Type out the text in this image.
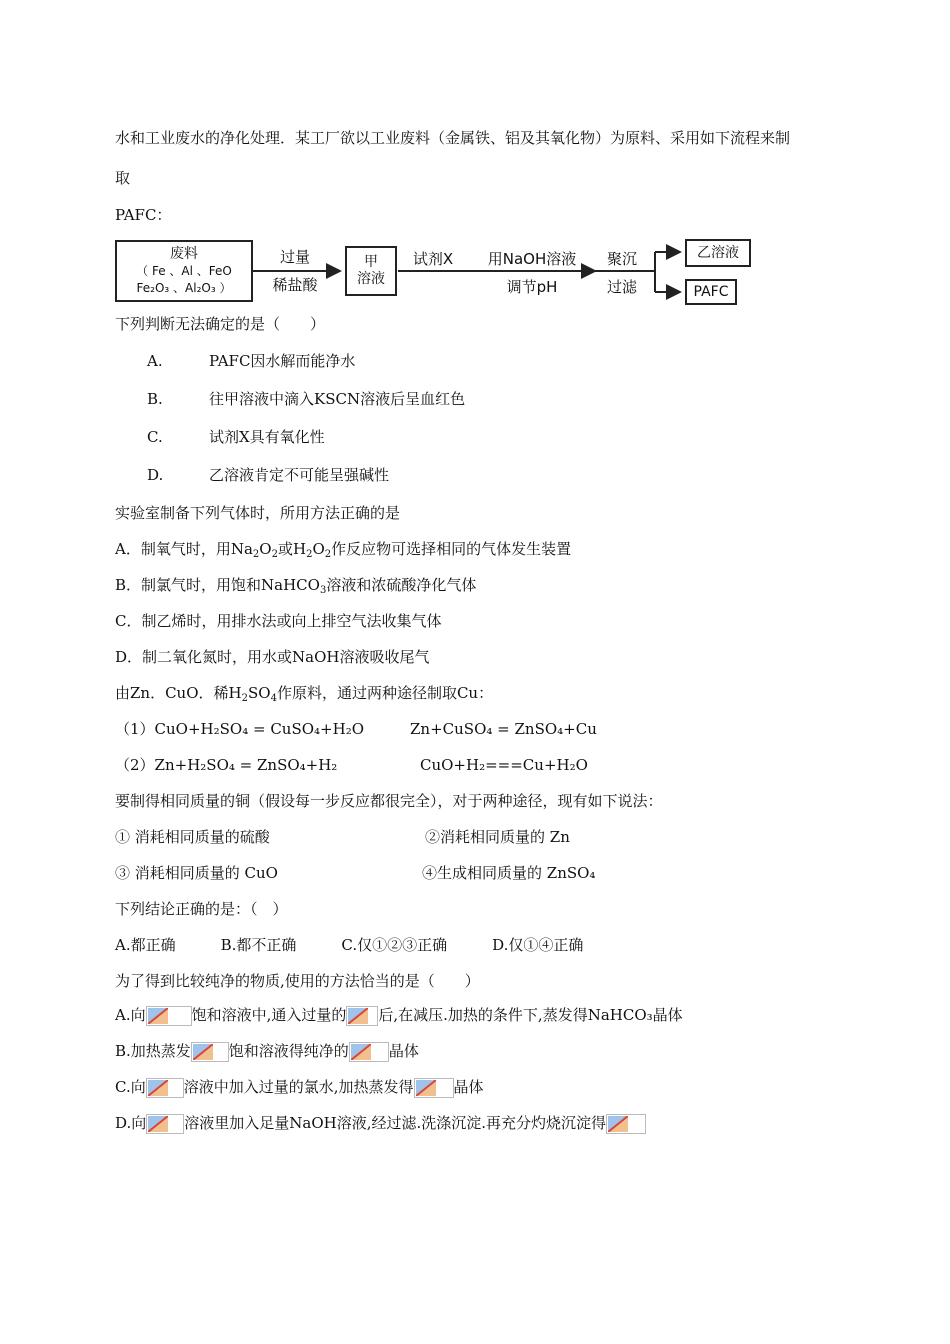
水和工业废水的净化处理．某工厂欲以工业废料（金属铁、铝及其氧化物）为原料、采用如下流程来制
取
PAFC：
废料
（ Fe 、Al 、FeO
Fe₂O₃ 、Al₂O₃ ）
过量
稀盐酸
甲
溶液
试剂X	用NaOH溶液
调节pH
聚沉
过滤
乙溶液
PAFC
下列判断无法确定的是（　　）
A.	PAFC因水解而能净水
B.	往甲溶液中滴入KSCN溶液后呈血红色
C.	试剂X具有氧化性
D.	乙溶液肯定不可能呈强碱性
实验室制备下列气体时，所用方法正确的是
A．制氧气时，用$Na_2O_2$或$H_2O_2$作反应物可选择相同的气体发生装置
B．制氯气时，用饱和NaHCO$_3$溶液和浓硫酸净化气体
C．制乙烯时，用排水法或向上排空气法收集气体
D．制二氧化氮时，用水或NaOH溶液吸收尾气
由Zn．CuO．稀$H_2SO_4$作原料，通过两种途径制取Cu：
（1）CuO+H₂SO₄ = CuSO₄+H₂O	Zn+CuSO₄ = ZnSO₄+Cu
（2）Zn+H₂SO₄ = ZnSO₄+H₂	CuO+H₂===Cu+H₂O
要制得相同质量的铜（假设每一步反应都很完全），对于两种途径，现有如下说法：
① 消耗相同质量的硫酸	②消耗相同质量的 Zn
③ 消耗相同质量的 CuO	④生成相同质量的 ZnSO₄
下列结论正确的是：（　）
A.都正确　　　B.都不正确　　　C.仅①②③正确　　　D.仅①④正确
为了得到比较纯净的物质,使用的方法恰当的是（　　）
A.向	饱和溶液中,通入过量的 后,在减压.加热的条件下,蒸发得NaHCO₃晶体
B.加热蒸发	饱和溶液得纯净的	晶体
C.向	溶液中加入过量的氯水,加热蒸发得	晶体
D.向	溶液里加入足量NaOH溶液,经过滤.洗涤沉淀.再充分灼烧沉淀得
